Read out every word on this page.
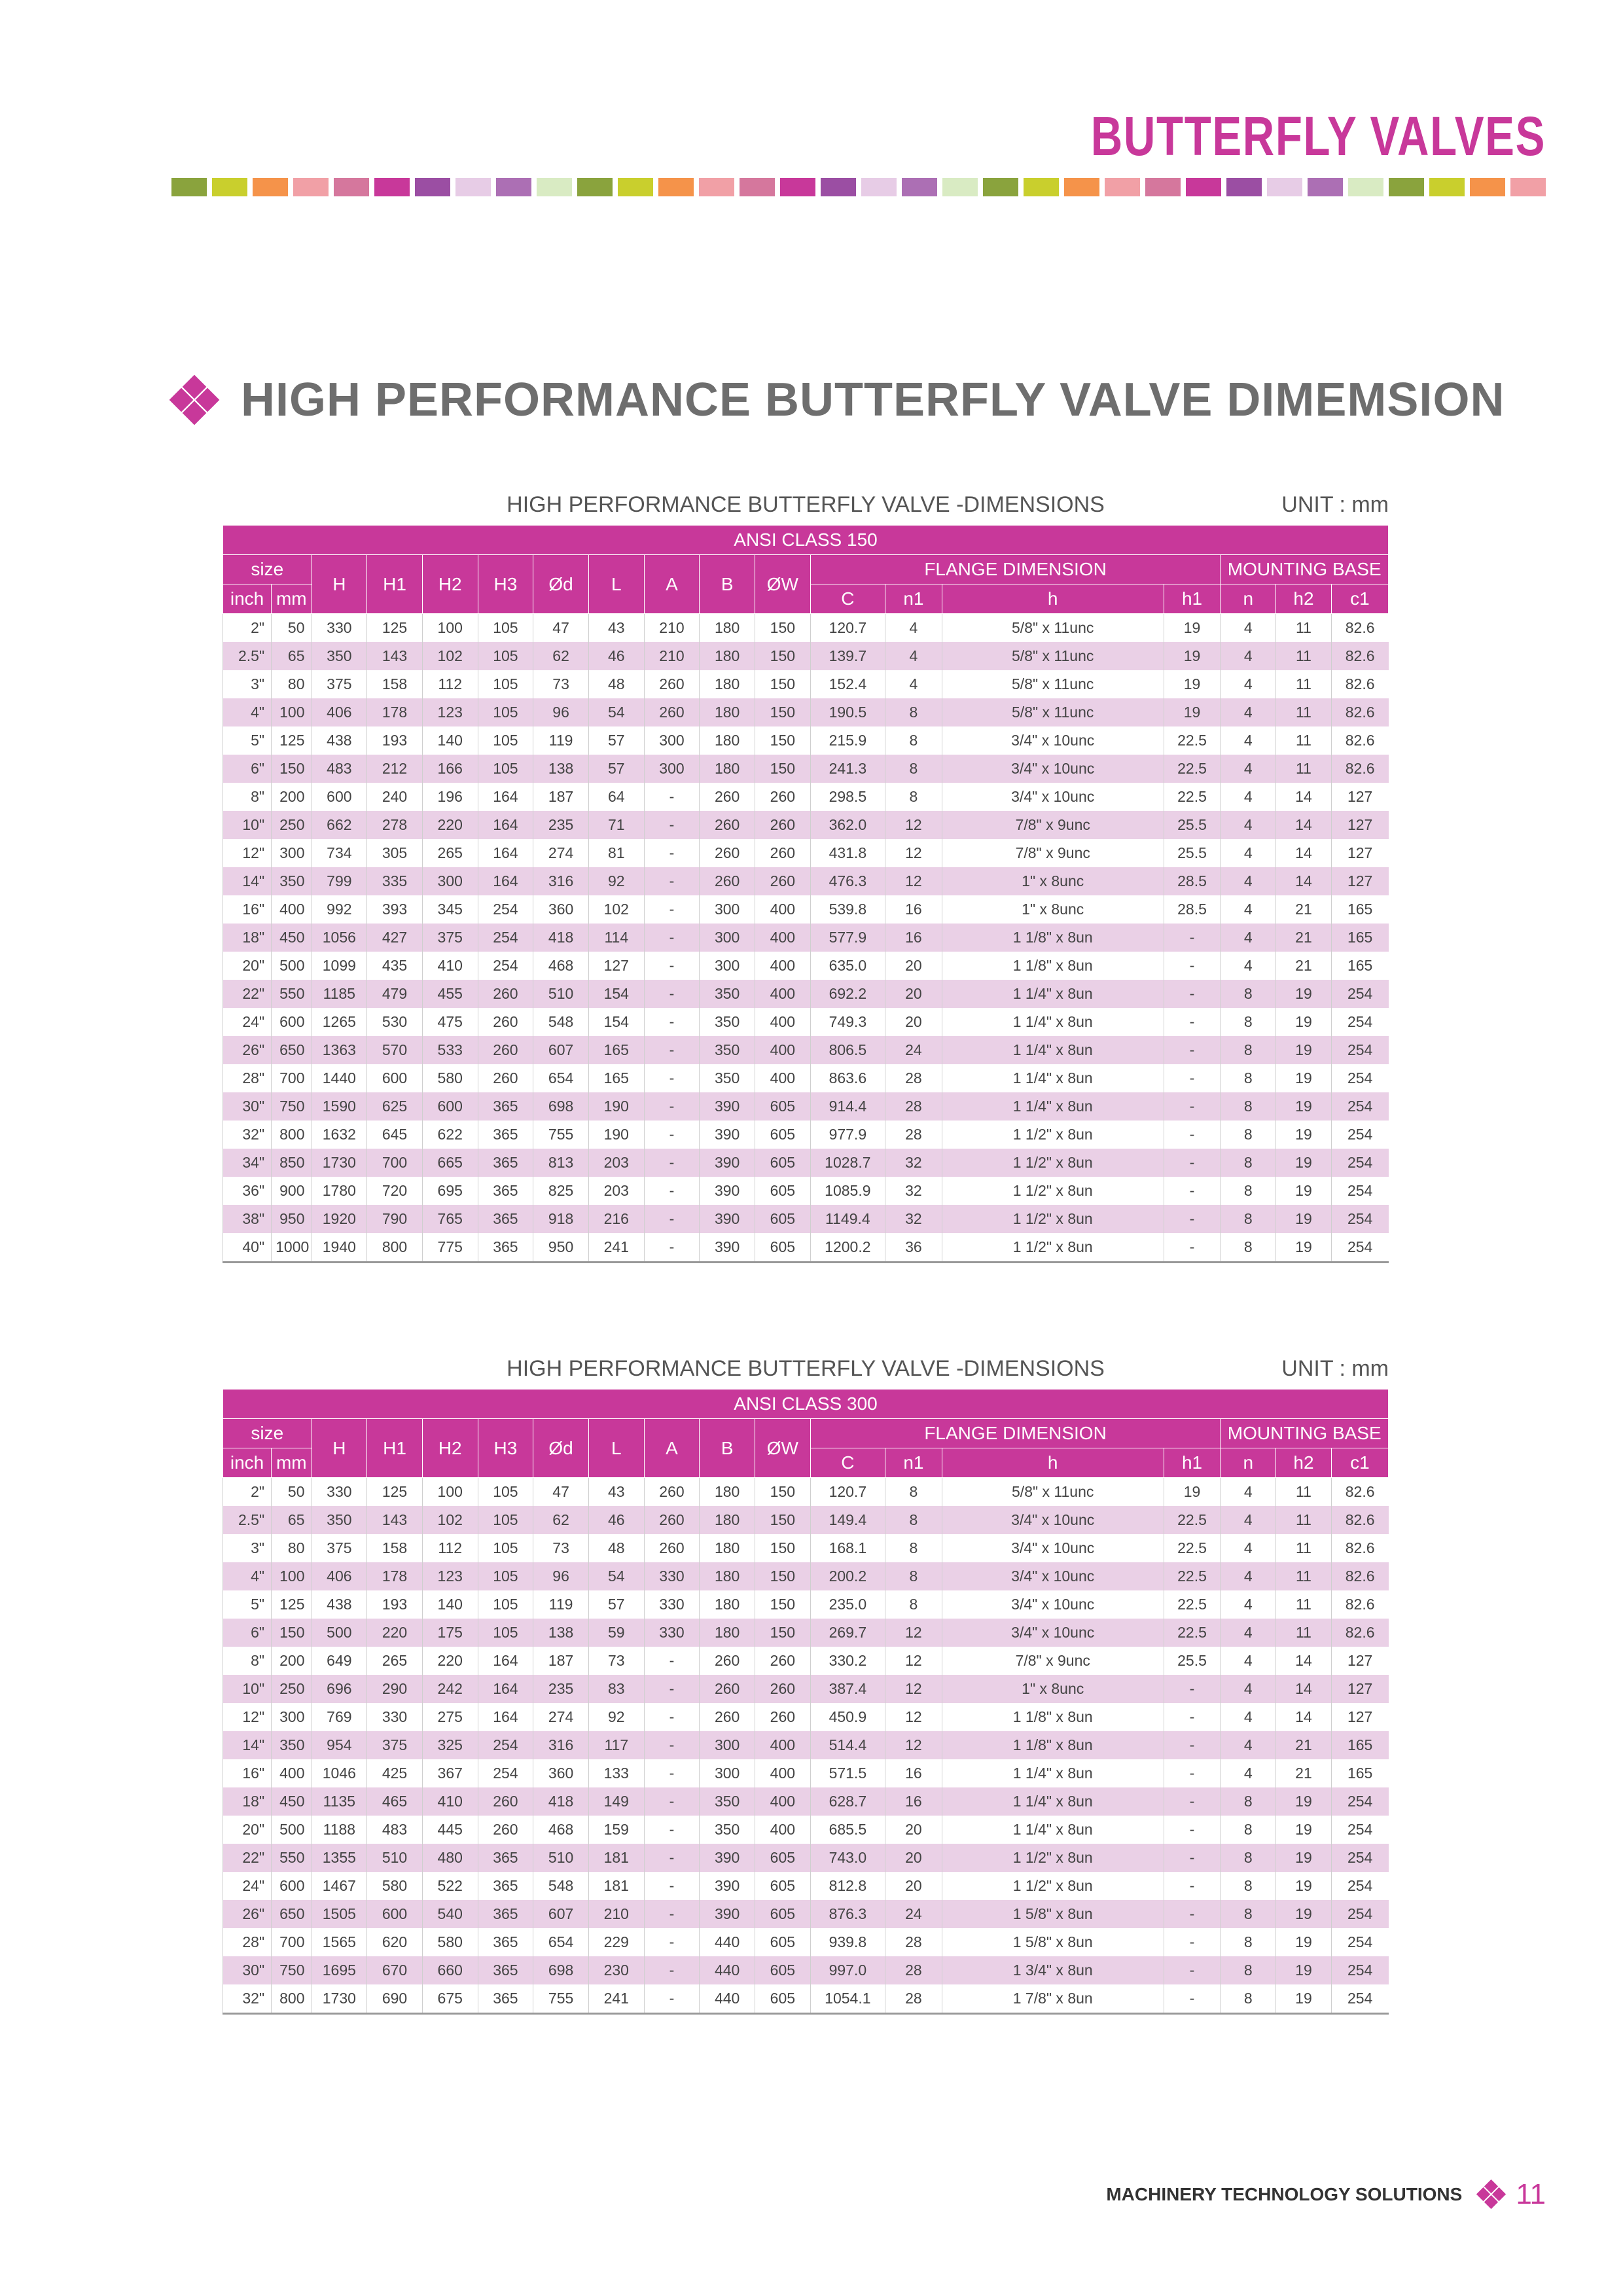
BUTTERFLY VALVES
HIGH PERFORMANCE BUTTERFLY VALVE DIMEMSION
HIGH PERFORMANCE BUTTERFLY VALVE -DIMENSIONS	UNIT : mm
ANSI CLASS 150																	
size		H	H1	H2	H3	Ød	L	A	B	ØW	FLANGE DIMENSION				MOUNTING BASE		
inch	mm										C	n1	h	h1	n	h2	c1
2"	50	330	125	100	105	47	43	210	180	150	120.7	4	5/8" x 11unc	19	4	11	82.6
2.5"	65	350	143	102	105	62	46	210	180	150	139.7	4	5/8" x 11unc	19	4	11	82.6
3"	80	375	158	112	105	73	48	260	180	150	152.4	4	5/8" x 11unc	19	4	11	82.6
4"	100	406	178	123	105	96	54	260	180	150	190.5	8	5/8" x 11unc	19	4	11	82.6
5"	125	438	193	140	105	119	57	300	180	150	215.9	8	3/4" x 10unc	22.5	4	11	82.6
6"	150	483	212	166	105	138	57	300	180	150	241.3	8	3/4" x 10unc	22.5	4	11	82.6
8"	200	600	240	196	164	187	64	-	260	260	298.5	8	3/4" x 10unc	22.5	4	14	127
10"	250	662	278	220	164	235	71	-	260	260	362.0	12	7/8" x 9unc	25.5	4	14	127
12"	300	734	305	265	164	274	81	-	260	260	431.8	12	7/8" x 9unc	25.5	4	14	127
14"	350	799	335	300	164	316	92	-	260	260	476.3	12	1" x 8unc	28.5	4	14	127
16"	400	992	393	345	254	360	102	-	300	400	539.8	16	1" x 8unc	28.5	4	21	165
18"	450	1056	427	375	254	418	114	-	300	400	577.9	16	1 1/8" x 8un	-	4	21	165
20"	500	1099	435	410	254	468	127	-	300	400	635.0	20	1 1/8" x 8un	-	4	21	165
22"	550	1185	479	455	260	510	154	-	350	400	692.2	20	1 1/4" x 8un	-	8	19	254
24"	600	1265	530	475	260	548	154	-	350	400	749.3	20	1 1/4" x 8un	-	8	19	254
26"	650	1363	570	533	260	607	165	-	350	400	806.5	24	1 1/4" x 8un	-	8	19	254
28"	700	1440	600	580	260	654	165	-	350	400	863.6	28	1 1/4" x 8un	-	8	19	254
30"	750	1590	625	600	365	698	190	-	390	605	914.4	28	1 1/4" x 8un	-	8	19	254
32"	800	1632	645	622	365	755	190	-	390	605	977.9	28	1 1/2" x 8un	-	8	19	254
34"	850	1730	700	665	365	813	203	-	390	605	1028.7	32	1 1/2" x 8un	-	8	19	254
36"	900	1780	720	695	365	825	203	-	390	605	1085.9	32	1 1/2" x 8un	-	8	19	254
38"	950	1920	790	765	365	918	216	-	390	605	1149.4	32	1 1/2" x 8un	-	8	19	254
40"	1000	1940	800	775	365	950	241	-	390	605	1200.2	36	1 1/2" x 8un	-	8	19	254
HIGH PERFORMANCE BUTTERFLY VALVE -DIMENSIONS	UNIT : mm
ANSI CLASS 300																	
size		H	H1	H2	H3	Ød	L	A	B	ØW	FLANGE DIMENSION				MOUNTING BASE		
inch	mm										C	n1	h	h1	n	h2	c1
2"	50	330	125	100	105	47	43	260	180	150	120.7	8	5/8" x 11unc	19	4	11	82.6
2.5"	65	350	143	102	105	62	46	260	180	150	149.4	8	3/4" x 10unc	22.5	4	11	82.6
3"	80	375	158	112	105	73	48	260	180	150	168.1	8	3/4" x 10unc	22.5	4	11	82.6
4"	100	406	178	123	105	96	54	330	180	150	200.2	8	3/4" x 10unc	22.5	4	11	82.6
5"	125	438	193	140	105	119	57	330	180	150	235.0	8	3/4" x 10unc	22.5	4	11	82.6
6"	150	500	220	175	105	138	59	330	180	150	269.7	12	3/4" x 10unc	22.5	4	11	82.6
8"	200	649	265	220	164	187	73	-	260	260	330.2	12	7/8" x 9unc	25.5	4	14	127
10"	250	696	290	242	164	235	83	-	260	260	387.4	12	1" x 8unc	-	4	14	127
12"	300	769	330	275	164	274	92	-	260	260	450.9	12	1 1/8" x 8un	-	4	14	127
14"	350	954	375	325	254	316	117	-	300	400	514.4	12	1 1/8" x 8un	-	4	21	165
16"	400	1046	425	367	254	360	133	-	300	400	571.5	16	1 1/4" x 8un	-	4	21	165
18"	450	1135	465	410	260	418	149	-	350	400	628.7	16	1 1/4" x 8un	-	8	19	254
20"	500	1188	483	445	260	468	159	-	350	400	685.5	20	1 1/4" x 8un	-	8	19	254
22"	550	1355	510	480	365	510	181	-	390	605	743.0	20	1 1/2" x 8un	-	8	19	254
24"	600	1467	580	522	365	548	181	-	390	605	812.8	20	1 1/2" x 8un	-	8	19	254
26"	650	1505	600	540	365	607	210	-	390	605	876.3	24	1 5/8" x 8un	-	8	19	254
28"	700	1565	620	580	365	654	229	-	440	605	939.8	28	1 5/8" x 8un	-	8	19	254
30"	750	1695	670	660	365	698	230	-	440	605	997.0	28	1 3/4" x 8un	-	8	19	254
32"	800	1730	690	675	365	755	241	-	440	605	1054.1	28	1 7/8" x 8un	-	8	19	254
MACHINERY TECHNOLOGY SOLUTIONS 11
